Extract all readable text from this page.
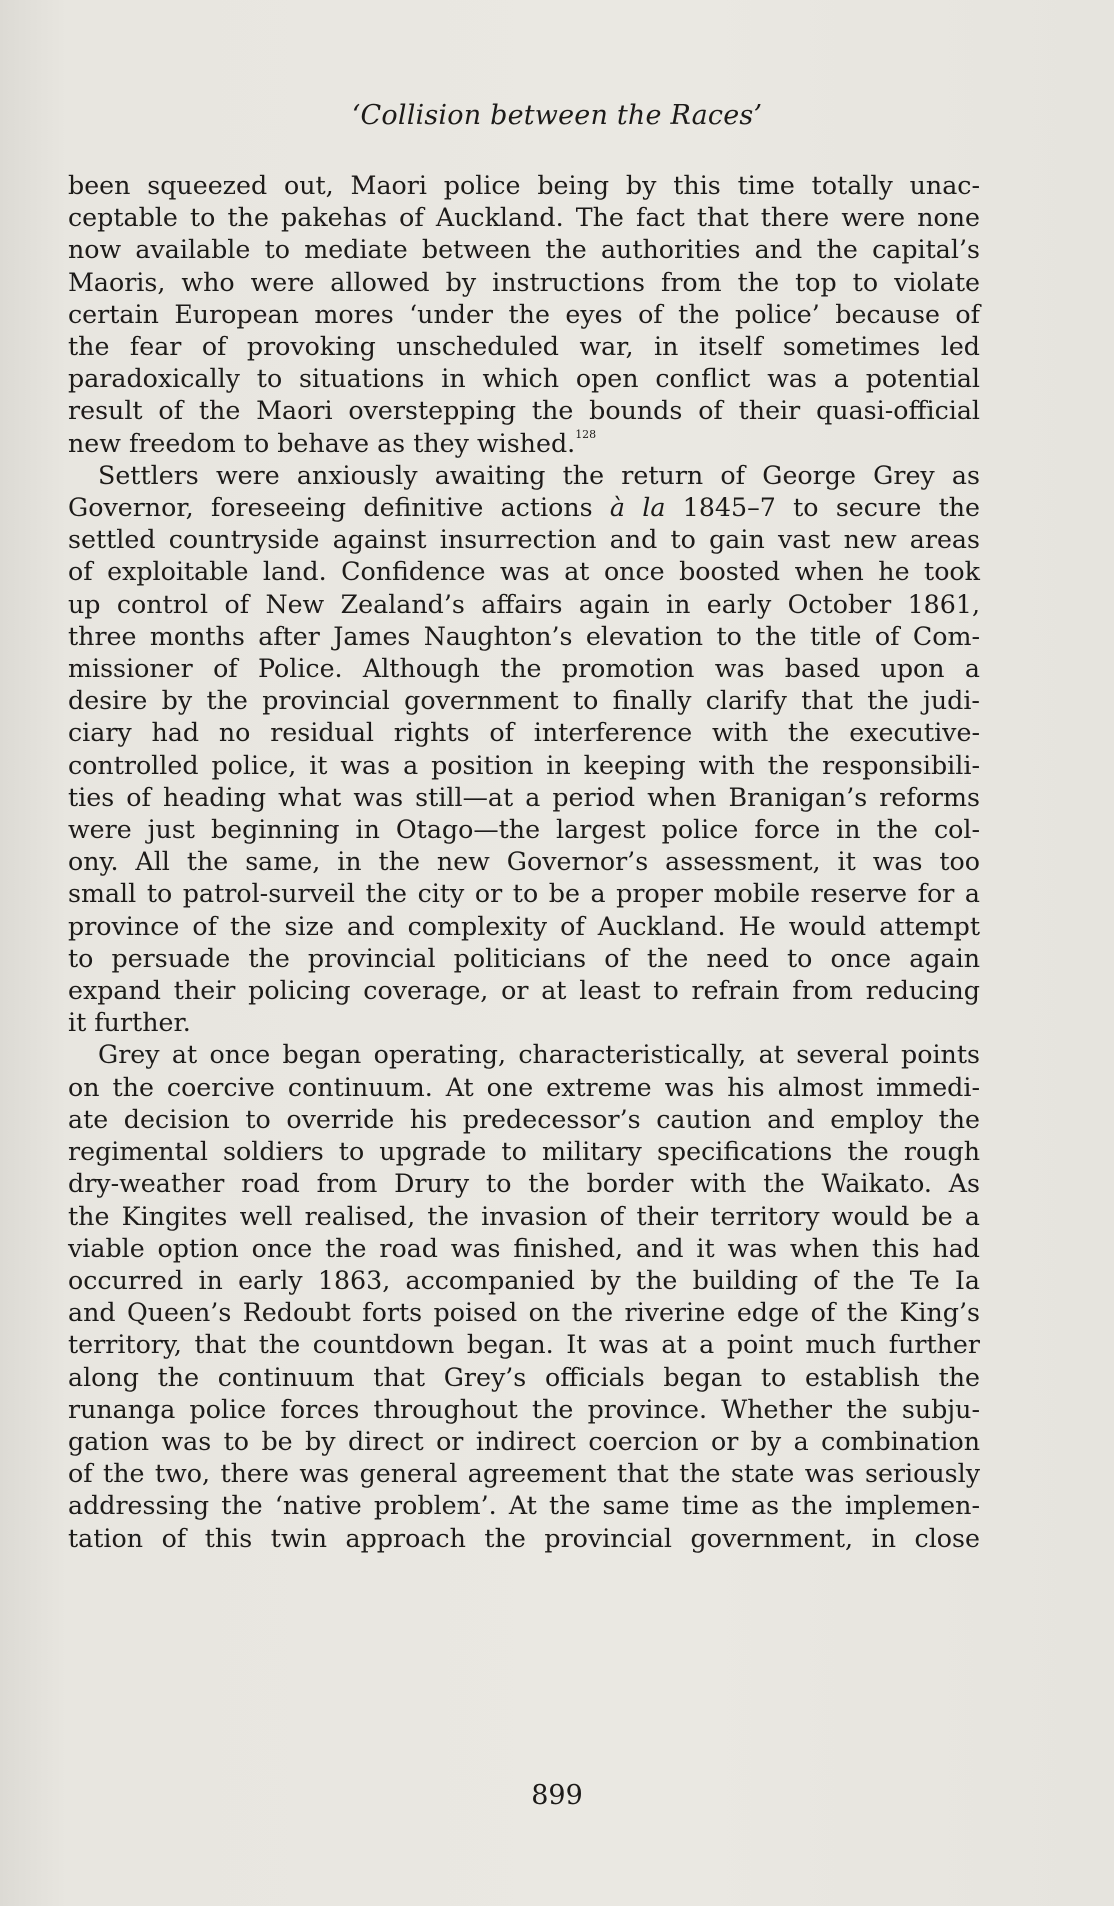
‘Collision between the Races’

been squeezed out, Maori police being by this time totally unac-
ceptable to the pakehas of Auckland. The fact that there were none
now available to mediate between the authorities and the capital’s
Maoris, who were allowed by instructions from the top to violate
certain European mores ‘under the eyes of the police’ because of
the fear of provoking unscheduled war, in itself sometimes led
paradoxically to situations in which open conflict was a potential
result of the Maori overstepping the bounds of their quasi-official
new freedom to behave as they wished.$^{128}$

Settlers were anxiously awaiting the return of George Grey as
Governor, foreseeing definitive actions à la 1845–7 to secure the
settled countryside against insurrection and to gain vast new areas
of exploitable land. Confidence was at once boosted when he took
up control of New Zealand’s affairs again in early October 1861,
three months after James Naughton’s elevation to the title of Com-
missioner of Police. Although the promotion was based upon a
desire by the provincial government to finally clarify that the judi-
ciary had no residual rights of interference with the executive-
controlled police, it was a position in keeping with the responsibili-
ties of heading what was still—at a period when Branigan’s reforms
were just beginning in Otago—the largest police force in the col-
ony. All the same, in the new Governor’s assessment, it was too
small to patrol-surveil the city or to be a proper mobile reserve for a
province of the size and complexity of Auckland. He would attempt
to persuade the provincial politicians of the need to once again
expand their policing coverage, or at least to refrain from reducing
it further.

Grey at once began operating, characteristically, at several points
on the coercive continuum. At one extreme was his almost immedi-
ate decision to override his predecessor’s caution and employ the
regimental soldiers to upgrade to military specifications the rough
dry-weather road from Drury to the border with the Waikato. As
the Kingites well realised, the invasion of their territory would be a
viable option once the road was finished, and it was when this had
occurred in early 1863, accompanied by the building of the Te Ia
and Queen’s Redoubt forts poised on the riverine edge of the King’s
territory, that the countdown began. It was at a point much further
along the continuum that Grey’s officials began to establish the
runanga police forces throughout the province. Whether the subju-
gation was to be by direct or indirect coercion or by a combination
of the two, there was general agreement that the state was seriously
addressing the ‘native problem’. At the same time as the implemen-
tation of this twin approach the provincial government, in close

899
